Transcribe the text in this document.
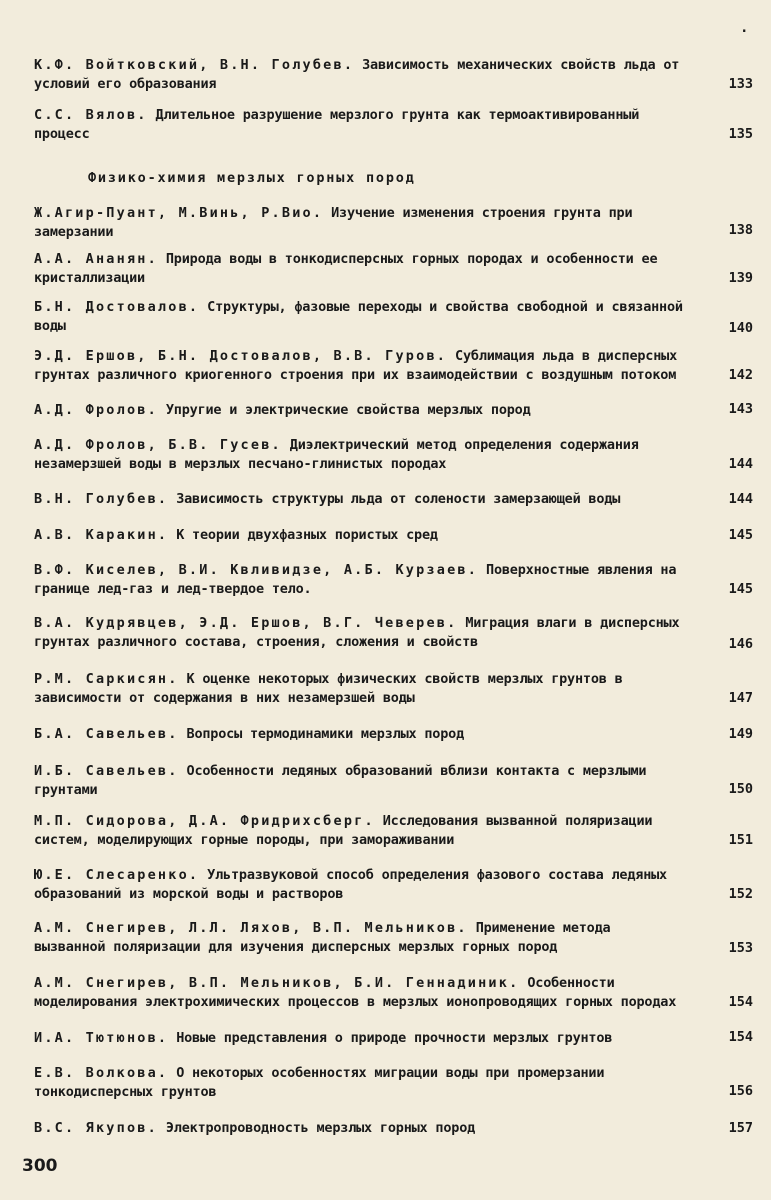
.
К.Ф. Войтковский, В.Н. Голубев. Зависимость механических свойств льда от условий его образования	133
С.С. Вялов. Длительное разрушение мерзлого грунта как термоактивированный процесс	135
Физико-химия мерзлых горных пород
Ж.Агир-Пуант, М.Винь, Р.Вио. Изучение изменения строения грунта при замерзании	138
А.А. Ананян. Природа воды в тонкодисперсных горных породах и особенности ее кристаллизации	139
Б.Н. Достовалов. Структуры, фазовые переходы и свойства свободной и связанной воды	140
Э.Д. Ершов, Б.Н. Достовалов, В.В. Гуров. Сублимация льда в дисперсных грунтах различного криогенного строения при их взаимодействии с воздушным потоком	142
А.Д. Фролов. Упругие и электрические свойства мерзлых пород	143
А.Д. Фролов, Б.В. Гусев. Диэлектрический метод определения содержания незамерзшей воды в мерзлых песчано-глинистых породах	144
В.Н. Голубев. Зависимость структуры льда от солености замерзающей воды	144
А.В. Каракин. К теории двухфазных пористых сред	145
В.Ф. Киселев, В.И. Квливидзе, А.Б. Курзаев. Поверхностные явления на границе лед-газ и лед-твердое тело.	145
В.А. Кудрявцев, Э.Д. Ершов, В.Г. Чеверев. Миграция влаги в дисперсных грунтах различного состава, строения, сложения и свойств	146
Р.М. Саркисян. К оценке некоторых физических свойств мерзлых грунтов в зависимости от содержания в них незамерзшей воды	147
Б.А. Савельев. Вопросы термодинамики мерзлых пород	149
И.Б. Савельев. Особенности ледяных образований вблизи контакта с мерзлыми грунтами	150
М.П. Сидорова, Д.А. Фридрихсберг. Исследования вызванной поляризации систем, моделирующих горные породы, при замораживании	151
Ю.Е. Слесаренко. Ультразвуковой способ определения фазового состава ледяных образований из морской воды и растворов	152
А.М. Снегирев, Л.Л. Ляхов, В.П. Мельников. Применение метода вызванной поляризации для изучения дисперсных мерзлых горных пород	153
А.М. Снегирев, В.П. Мельников, Б.И. Геннадиник. Особенности моделирования электрохимических процессов в мерзлых ионопроводящих горных породах	154
И.А. Тютюнов. Новые представления о природе прочности мерзлых грунтов	154
Е.В. Волкова. О некоторых особенностях миграции воды при промерзании тонкодисперсных грунтов	156
В.С. Якупов. Электропроводность мерзлых горных пород	157
300
